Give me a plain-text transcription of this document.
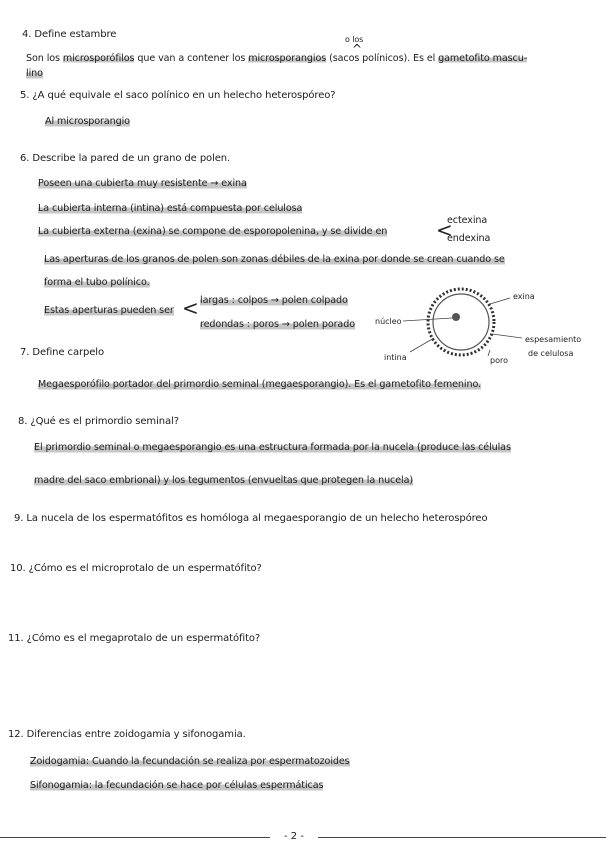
4. Define estambre	o los
^
Son los microsporófilos que van a contener los microsporangios (sacos polínicos). Es el gametofito mascu-
lino
5. ¿A qué equivale el saco polínico en un helecho heterospóreo?
Al microsporangio
6. Describe la pared de un grano de polen.
Poseen una cubierta muy resistente → exina
La cubierta interna (intina) está compuesta por celulosa
La cubierta externa (exina) se compone de esporopolenina, y se divide en <
ectexina
endexina
Las aperturas de los granos de polen son zonas débiles de la exina por donde se crean cuando se
forma el tubo polínico.
Estas aperturas pueden ser < largas : colpos → polen colpado
redondas : poros → polen porado
exina
núcleo
intina	poro
espesamiento
de celulosa
7. Define carpelo
Megaesporófilo portador del primordio seminal (megaesporangio). Es el gametofito femenino.
8. ¿Qué es el primordio seminal?
El primordio seminal o megaesporangio es una estructura formada por la nucela (produce las células
madre del saco embrional) y los tegumentos (envueltas que protegen la nucela)
9. La nucela de los espermatófitos es homóloga al megaesporangio de un helecho heterospóreo
10. ¿Cómo es el microprotalo de un espermatófito?
11. ¿Cómo es el megaprotalo de un espermatófito?
12. Diferencias entre zoidogamia y sifonogamia.
Zoidogamia: Cuando la fecundación se realiza por espermatozoides
Sifonogamia: la fecundación se hace por células espermáticas
- 2 -
